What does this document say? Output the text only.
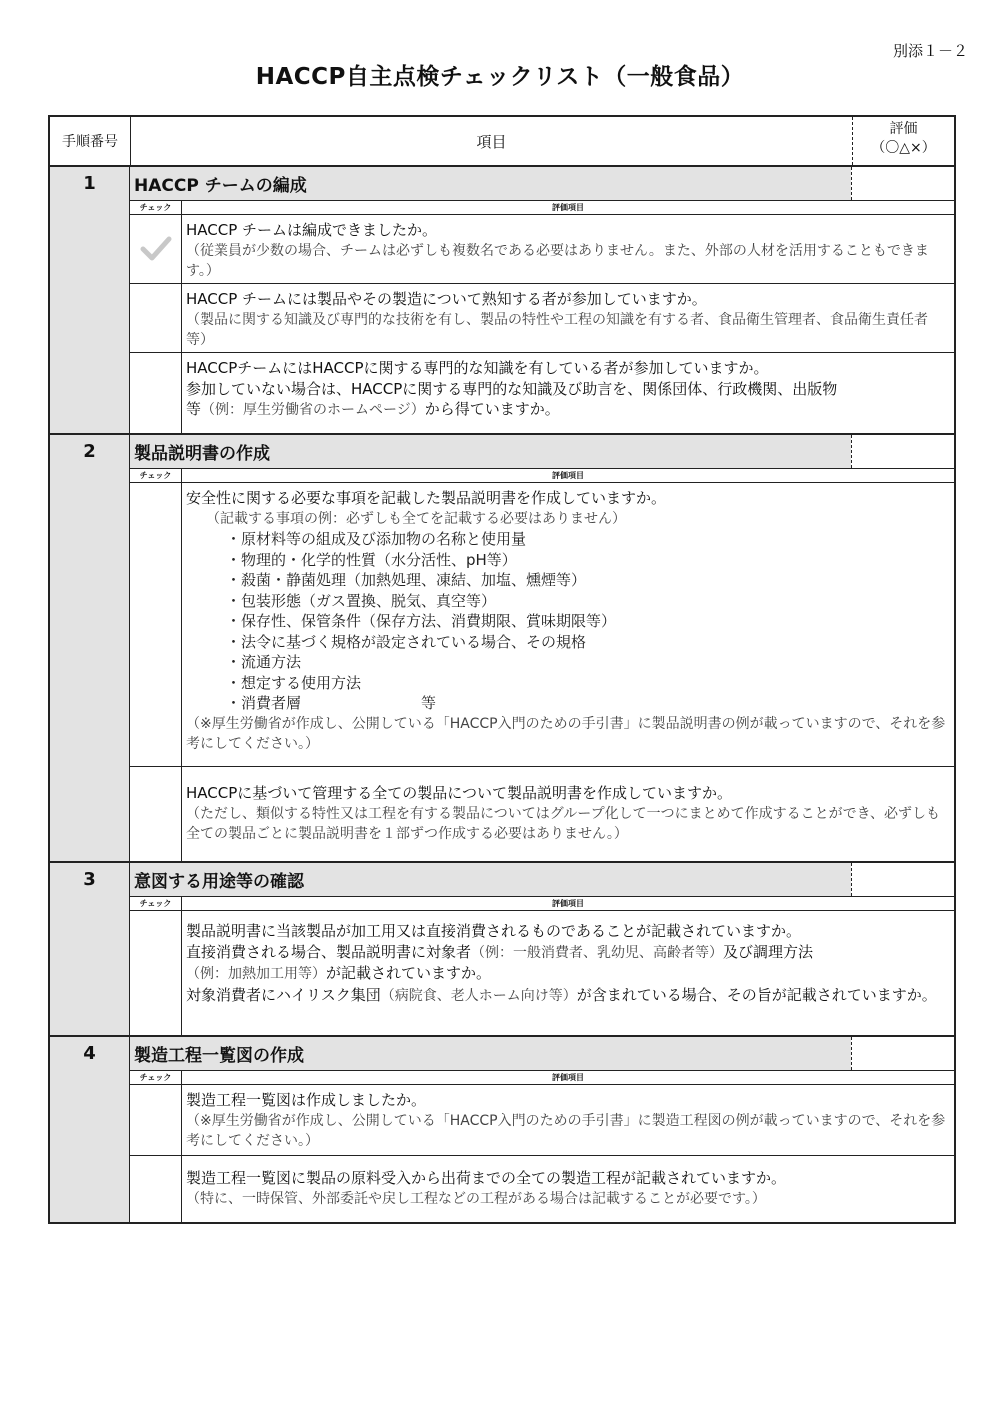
別添１－２
HACCP自主点検チェックリスト（一般食品）
手順番号	項目
評価
（〇△×）
1	HACCP チームの編成
チェック	評価項目
HACCP チームは編成できましたか。
（従業員が少数の場合、チームは必ずしも複数名である必要はありません。また、外部の人材を活用することもできます。）
HACCP チームには製品やその製造について熟知する者が参加していますか。
（製品に関する知識及び専門的な技術を有し、製品の特性や工程の知識を有する者、食品衛生管理者、食品衛生責任者等）
HACCPチームにはHACCPに関する専門的な知識を有している者が参加していますか。
参加していない場合は、HACCPに関する専門的な知識及び助言を、関係団体、行政機関、出版物
等（例：厚生労働省のホームページ）から得ていますか。
2	製品説明書の作成
チェック	評価項目
安全性に関する必要な事項を記載した製品説明書を作成していますか。
（記載する事項の例：必ずしも全てを記載する必要はありません）
・原材料等の組成及び添加物の名称と使用量
・物理的・化学的性質（水分活性、pH等）
・殺菌・静菌処理（加熱処理、凍結、加塩、燻煙等）
・包装形態（ガス置換、脱気、真空等）
・保存性、保管条件（保存方法、消費期限、賞味期限等）
・法令に基づく規格が設定されている場合、その規格
・流通方法
・想定する使用方法
・消費者層　　　　　　　　等
（※厚生労働省が作成し、公開している「HACCP入門のための手引書」に製品説明書の例が載っていますので、それを参考にしてください。）
HACCPに基づいて管理する全ての製品について製品説明書を作成していますか。
（ただし、類似する特性又は工程を有する製品についてはグループ化して一つにまとめて作成することができ、必ずしも全ての製品ごとに製品説明書を１部ずつ作成する必要はありません。）
3	意図する用途等の確認
チェック	評価項目
製品説明書に当該製品が加工用又は直接消費されるものであることが記載されていますか。
直接消費される場合、製品説明書に対象者（例：一般消費者、乳幼児、高齢者等）及び調理方法
（例：加熱加工用等）が記載されていますか。
対象消費者にハイリスク集団（病院食、老人ホーム向け等）が含まれている場合、その旨が記載されていますか。
4	製造工程一覧図の作成
チェック	評価項目
製造工程一覧図は作成しましたか。
（※厚生労働省が作成し、公開している「HACCP入門のための手引書」に製造工程図の例が載っていますので、それを参考にしてください。）
製造工程一覧図に製品の原料受入から出荷までの全ての製造工程が記載されていますか。
（特に、一時保管、外部委託や戻し工程などの工程がある場合は記載することが必要です。）
